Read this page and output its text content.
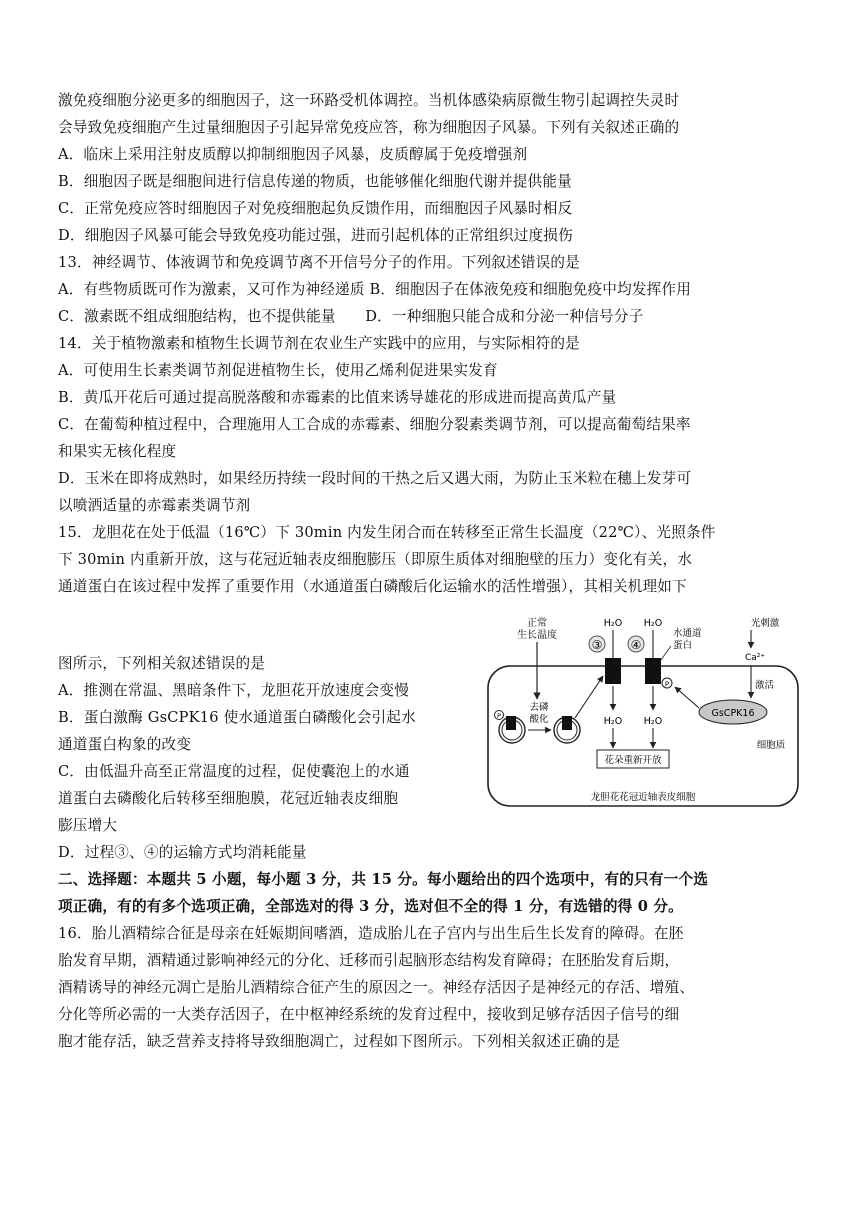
激免疫细胞分泌更多的细胞因子，这一环路受机体调控。当机体感染病原微生物引起调控失灵时
会导致免疫细胞产生过量细胞因子引起异常免疫应答，称为细胞因子风暴。下列有关叙述正确的
A．临床上采用注射皮质醇以抑制细胞因子风暴，皮质醇属于免疫增强剂
B．细胞因子既是细胞间进行信息传递的物质，也能够催化细胞代谢并提供能量
C．正常免疫应答时细胞因子对免疫细胞起负反馈作用，而细胞因子风暴时相反
D．细胞因子风暴可能会导致免疫功能过强，进而引起机体的正常组织过度损伤
13．神经调节、体液调节和免疫调节离不开信号分子的作用。下列叙述错误的是
A．有些物质既可作为激素，又可作为神经递质 B．细胞因子在体液免疫和细胞免疫中均发挥作用
C．激素既不组成细胞结构，也不提供能量　　D．一种细胞只能合成和分泌一种信号分子
14．关于植物激素和植物生长调节剂在农业生产实践中的应用，与实际相符的是
A．可使用生长素类调节剂促进植物生长，使用乙烯利促进果实发育
B．黄瓜开花后可通过提高脱落酸和赤霉素的比值来诱导雄花的形成进而提高黄瓜产量
C．在葡萄种植过程中，合理施用人工合成的赤霉素、细胞分裂素类调节剂，可以提高葡萄结果率
和果实无核化程度
D．玉米在即将成熟时，如果经历持续一段时间的干热之后又遇大雨，为防止玉米粒在穗上发芽可
以喷洒适量的赤霉素类调节剂
15．龙胆花在处于低温（16℃）下 30min 内发生闭合而在转移至正常生长温度（22℃）、光照条件
下 30min 内重新开放，这与花冠近轴表皮细胞膨压（即原生质体对细胞壁的压力）变化有关，水
通道蛋白在该过程中发挥了重要作用（水通道蛋白磷酸后化运输水的活性增强），其相关机理如下
图所示，下列相关叙述错误的是
A．推测在常温、黑暗条件下，龙胆花开放速度会变慢
B．蛋白激酶 GsCPK16 使水通道蛋白磷酸化会引起水
通道蛋白构象的改变
C．由低温升高至正常温度的过程，促使囊泡上的水通
道蛋白去磷酸化后转移至细胞膜，花冠近轴表皮细胞
膨压增大
D．过程③、④的运输方式均消耗能量
二、选择题：本题共 5 小题，每小题 3 分，共 15 分。每小题给出的四个选项中，有的只有一个选
项正确，有的有多个选项正确，全部选对的得 3 分，选对但不全的得 1 分，有选错的得 0 分。
16．胎儿酒精综合征是母亲在妊娠期间嗜酒，造成胎儿在子宫内与出生后生长发育的障碍。在胚
胎发育早期，酒精通过影响神经元的分化、迁移而引起脑形态结构发育障碍；在胚胎发育后期，
酒精诱导的神经元凋亡是胎儿酒精综合征产生的原因之一。神经存活因子是神经元的存活、增殖、
分化等所必需的一大类存活因子，在中枢神经系统的发育过程中，接收到足够存活因子信号的细
胞才能存活，缺乏营养支持将导致细胞凋亡，过程如下图所示。下列相关叙述正确的是
正常
生长温度
③ ④
H₂O H₂O
水通道
蛋白
P
光刺激
Ca²⁺
激活
GsCPK16
P
去磷
酸化	H₂O H₂O
花朵重新开放
细胞质
龙胆花花冠近轴表皮细胞
